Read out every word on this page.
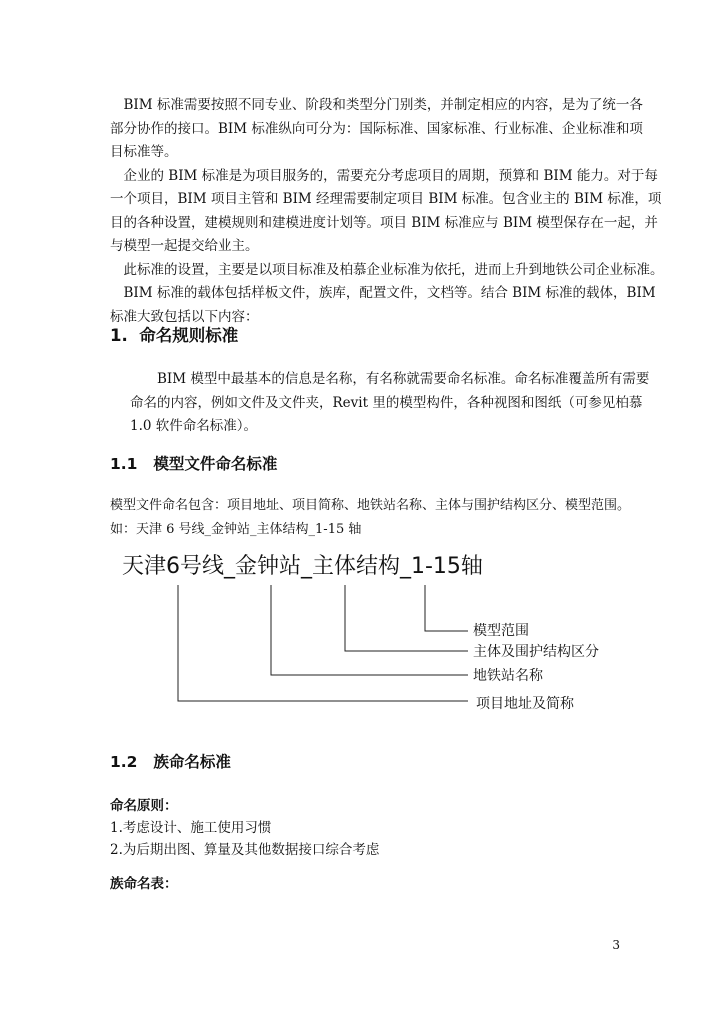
　BIM 标准需要按照不同专业、阶段和类型分门别类，并制定相应的内容，是为了统一各
部分协作的接口。BIM 标准纵向可分为：国际标准、国家标准、行业标准、企业标准和项
目标准等。
　企业的 BIM 标准是为项目服务的，需要充分考虑项目的周期，预算和 BIM 能力。对于每
一个项目，BIM 项目主管和 BIM 经理需要制定项目 BIM 标准。包含业主的 BIM 标准，项
目的各种设置，建模规则和建模进度计划等。项目 BIM 标准应与 BIM 模型保存在一起，并
与模型一起提交给业主。
　此标准的设置，主要是以项目标准及柏慕企业标准为依托，进而上升到地铁公司企业标准。
　BIM 标准的载体包括样板文件，族库，配置文件，文档等。结合 BIM 标准的载体，BIM
标准大致包括以下内容：
1. 命名规则标准
　　BIM 模型中最基本的信息是名称，有名称就需要命名标准。命名标准覆盖所有需要
命名的内容，例如文件及文件夹，Revit 里的模型构件，各种视图和图纸（可参见柏慕
1.0 软件命名标准）。
1.1 模型文件命名标准
模型文件命名包含：项目地址、项目简称、地铁站名称、主体与围护结构区分、模型范围。
如：天津 6 号线_金钟站_主体结构_1-15 轴
天津6号线_金钟站_主体结构_1-15轴
模型范围
主体及围护结构区分
地铁站名称
项目地址及简称
1.2 族命名标准
命名原则：
1.考虑设计、施工使用习惯
2.为后期出图、算量及其他数据接口综合考虑
族命名表：
3
